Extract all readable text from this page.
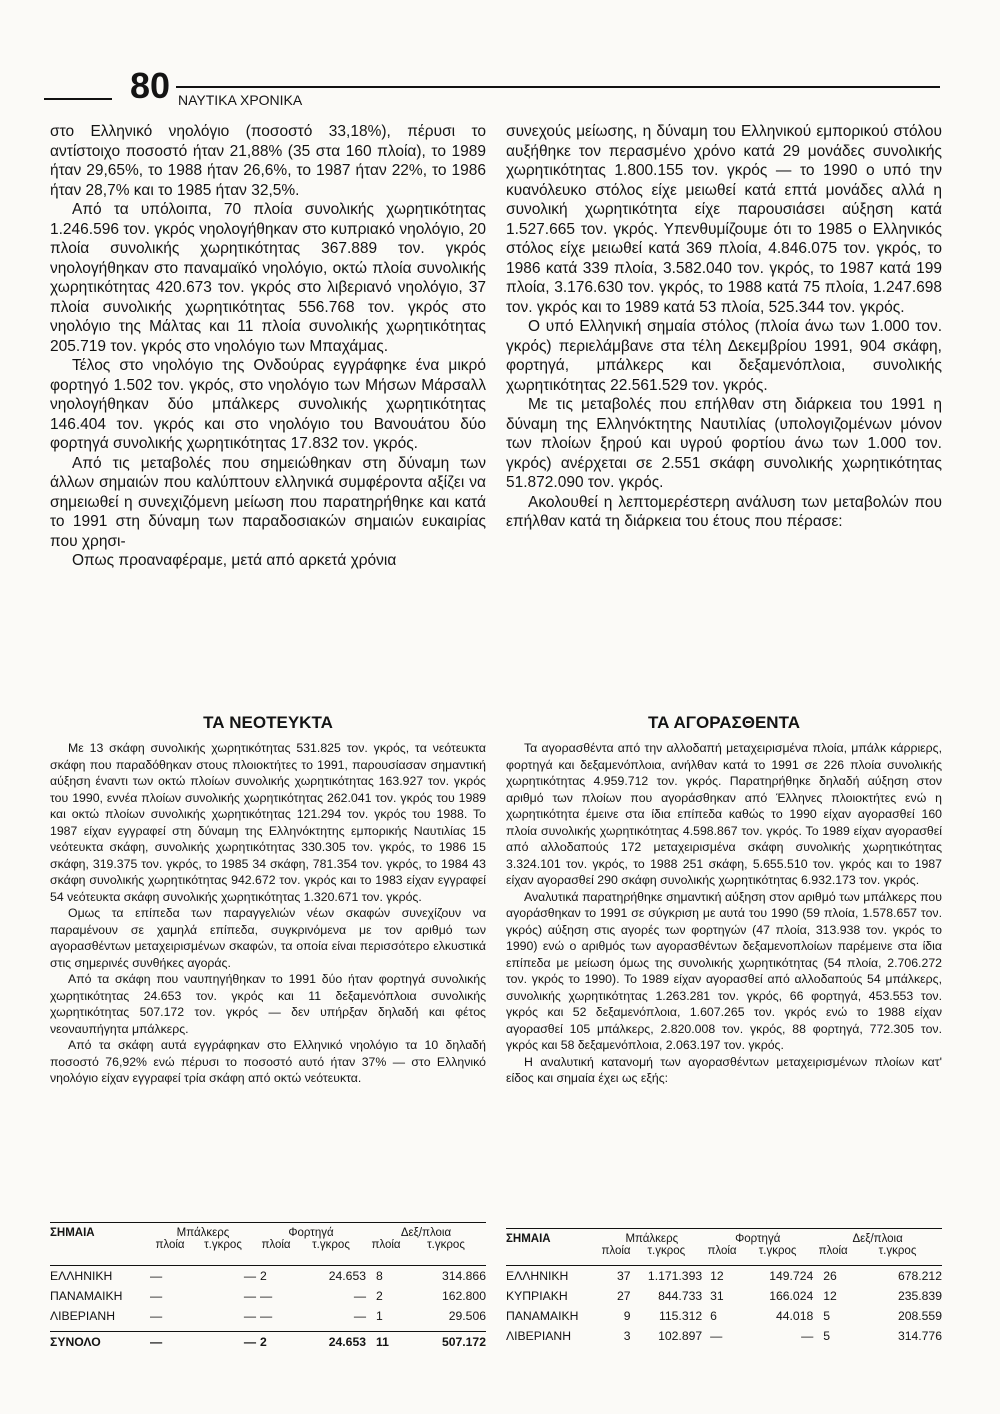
80 ΝΑΥΤΙΚΑ ΧΡΟΝΙΚΑ

στο Ελληνικό νηολόγιο (ποσοστό 33,18%), πέρυσι το αντίστοιχο ποσοστό ήταν 21,88% (35 στα 160 πλοία), το 1989 ήταν 29,65%, το 1988 ήταν 26,6%, το 1987 ήταν 22%, το 1986 ήταν 28,7% και το 1985 ήταν 32,5%.

Από τα υπόλοιπα, 70 πλοία συνολικής χωρητικότητας 1.246.596 τον. γκρός νηολογήθηκαν στο κυπριακό νηολόγιο, 20 πλοία συνολικής χωρητικότητας 367.889 τον. γκρός νηολογήθηκαν στο παναμαϊκό νηολόγιο, οκτώ πλοία συνολικής χωρητικότητας 420.673 τον. γκρός στο λιβεριανό νηολόγιο, 37 πλοία συνολικής χωρητικότητας 556.768 τον. γκρός στο νηολόγιο της Μάλτας και 11 πλοία συνολικής χωρητικότητας 205.719 τον. γκρός στο νηολόγιο των Μπαχάμας.

Τέλος στο νηολόγιο της Ονδούρας εγγράφηκε ένα μικρό φορτηγό 1.502 τον. γκρός, στο νηολόγιο των Μήσων Μάρσαλλ νηολογήθηκαν δύο μπάλκερς συνολικής χωρητικότητας 146.404 τον. γκρός και στο νηολόγιο του Βανουάτου δύο φορτηγά συνολικής χωρητικότητας 17.832 τον. γκρός.

Από τις μεταβολές που σημειώθηκαν στη δύναμη των άλλων σημαιών που καλύπτουν ελληνικά συμφέροντα αξίζει να σημειωθεί η συνεχιζόμενη μείωση που παρατηρήθηκε και κατά το 1991 στη δύναμη των παραδοσιακών σημαιών ευκαιρίας που χρησι-

Οπως προαναφέραμε, μετά από αρκετά χρόνια

ΤΑ ΝΕΟΤΕΥΚΤΑ

Με 13 σκάφη συνολικής χωρητικότητας 531.825 τον. γκρός, τα νεότευκτα σκάφη που παραδόθηκαν στους πλοιοκτήτες το 1991, παρουσίασαν σημαντική αύξηση έναντι των οκτώ πλοίων συνολικής χωρητικότητας 163.927 τον. γκρός του 1990, εννέα πλοίων συνολικής χωρητικότητας 262.041 τον. γκρός του 1989 και οκτώ πλοίων συνολικής χωρητικότητας 121.294 τον. γκρός του 1988. Το 1987 είχαν εγγραφεί στη δύναμη της Ελληνόκτητης εμπορικής Ναυτιλίας 15 νεότευκτα σκάφη, συνολικής χωρητικότητας 330.305 τον. γκρός, το 1986 15 σκάφη, 319.375 τον. γκρός, το 1985 34 σκάφη, 781.354 τον. γκρός, το 1984 43 σκάφη συνολικής χωρητικότητας 942.672 τον. γκρός και το 1983 είχαν εγγραφεί 54 νεότευκτα σκάφη συνολικής χωρητικότητας 1.320.671 τον. γκρός.

Ομως τα επίπεδα των παραγγελιών νέων σκαφών συνεχίζουν να παραμένουν σε χαμηλά επίπεδα, συγκρινόμενα με τον αριθμό των αγορασθέντων μεταχειρισμένων σκαφών, τα οποία είναι περισσότερο ελκυστικά στις σημερινές συνθήκες αγοράς.

Από τα σκάφη που ναυπηγήθηκαν το 1991 δύο ήταν φορτηγά συνολικής χωρητικότητας 24.653 τον. γκρός και 11 δεξαμενόπλοια συνολικής χωρητικότητας 507.172 τον. γκρός — δεν υπήρξαν δηλαδή και φέτος νεοναυπήγητα μπάλκερς.

Από τα σκάφη αυτά εγγράφηκαν στο Ελληνικό νηολόγιο τα 10 δηλαδή ποσοστό 76,92% ενώ πέρυσι το ποσοστό αυτό ήταν 37% — στο Ελληνικό νηολόγιο είχαν εγγραφεί τρία σκάφη από οκτώ νεότευκτα.

ΣΗΜΑΙΑ	Μπάλκερς		Φορτηγά		Δεξ/πλοια	
	πλοία	τ.γκρος	πλοία	τ.γκρος	πλοία	τ.γκρος

ΕΛΛΗΝΙΚΗ	—	—	2	24.653	8	314.866
ΠΑΝΑΜΑΙΚΗ	—	—	—	—	2	162.800
ΛΙΒΕΡΙΑΝΗ	—	—	—	—	1	29.506

ΣΥΝΟΛΟ	—	—	2	24.653	11	507.172

συνεχούς μείωσης, η δύναμη του Ελληνικού εμπορικού στόλου αυξήθηκε τον περασμένο χρόνο κατά 29 μονάδες συνολικής χωρητικότητας 1.800.155 τον. γκρός — το 1990 ο υπό την κυανόλευκο στόλος είχε μειωθεί κατά επτά μονάδες αλλά η συνολική χωρητικότητα είχε παρουσιάσει αύξηση κατά 1.527.665 τον. γκρός. Υπενθυμίζουμε ότι το 1985 ο Ελληνικός στόλος είχε μειωθεί κατά 369 πλοία, 4.846.075 τον. γκρός, το 1986 κατά 339 πλοία, 3.582.040 τον. γκρός, το 1987 κατά 199 πλοία, 3.176.630 τον. γκρός, το 1988 κατά 75 πλοία, 1.247.698 τον. γκρός και το 1989 κατά 53 πλοία, 525.344 τον. γκρός.

Ο υπό Ελληνική σημαία στόλος (πλοία άνω των 1.000 τον. γκρός) περιελάμβανε στα τέλη Δεκεμβρίου 1991, 904 σκάφη, φορτηγά, μπάλκερς και δεξαμενόπλοια, συνολικής χωρητικότητας 22.561.529 τον. γκρός.

Με τις μεταβολές που επήλθαν στη διάρκεια του 1991 η δύναμη της Ελληνόκτητης Ναυτιλίας (υπολογιζομένων μόνον των πλοίων ξηρού και υγρού φορτίου άνω των 1.000 τον. γκρός) ανέρχεται σε 2.551 σκάφη συνολικής χωρητικότητας 51.872.090 τον. γκρός.

Ακολουθεί η λεπτομερέστερη ανάλυση των μεταβολών που επήλθαν κατά τη διάρκεια του έτους που πέρασε:

ΤΑ ΑΓΟΡΑΣΘΕΝΤΑ

Τα αγορασθέντα από την αλλοδαπή μεταχειρισμένα πλοία, μπάλκ κάρριερς, φορτηγά και δεξαμενόπλοια, ανήλθαν κατά το 1991 σε 226 πλοία συνολικής χωρητικότητας 4.959.712 τον. γκρός. Παρατηρήθηκε δηλαδή αύξηση στον αριθμό των πλοίων που αγοράσθηκαν από Έλληνες πλοιοκτήτες ενώ η χωρητικότητα έμεινε στα ίδια επίπεδα καθώς το 1990 είχαν αγορασθεί 160 πλοία συνολικής χωρητικότητας 4.598.867 τον. γκρός. Το 1989 είχαν αγορασθεί από αλλοδαπούς 172 μεταχειρισμένα σκάφη συνολικής χωρητικότητας 3.324.101 τον. γκρός, το 1988 251 σκάφη, 5.655.510 τον. γκρός και το 1987 είχαν αγορασθεί 290 σκάφη συνολικής χωρητικότητας 6.932.173 τον. γκρός.

Αναλυτικά παρατηρήθηκε σημαντική αύξηση στον αριθμό των μπάλκερς που αγοράσθηκαν το 1991 σε σύγκριση με αυτά του 1990 (59 πλοία, 1.578.657 τον. γκρός) αύξηση στις αγορές των φορτηγών (47 πλοία, 313.938 τον. γκρός το 1990) ενώ ο αριθμός των αγορασθέντων δεξαμενοπλοίων παρέμεινε στα ίδια επίπεδα με μείωση όμως της συνολικής χωρητικότητας (54 πλοία, 2.706.272 τον. γκρός το 1990). Το 1989 είχαν αγορασθεί από αλλοδαπούς 54 μπάλκερς, συνολικής χωρητικότητας 1.263.281 τον. γκρός, 66 φορτηγά, 453.553 τον. γκρός και 52 δεξαμενόπλοια, 1.607.265 τον. γκρός ενώ το 1988 είχαν αγορασθεί 105 μπάλκερς, 2.820.008 τον. γκρός, 88 φορτηγά, 772.305 τον. γκρός και 58 δεξαμενόπλοια, 2.063.197 τον. γκρός.

Η αναλυτική κατανομή των αγορασθέντων μεταχειρισμένων πλοίων κατ' είδος και σημαία έχει ως εξής:

ΣΗΜΑΙΑ	Μπάλκερς		Φορτηγά		Δεξ/πλοια	
	πλοία	τ.γκρος	πλοία	τ.γκρος	πλοία	τ.γκρος

ΕΛΛΗΝΙΚΗ	37	1.171.393	12	149.724	26	678.212
ΚΥΠΡΙΑΚΗ	27	844.733	31	166.024	12	235.839
ΠΑΝΑΜΑΙΚΗ	9	115.312	6	44.018	5	208.559
ΛΙΒΕΡΙΑΝΗ	3	102.897	—	—	5	314.776
